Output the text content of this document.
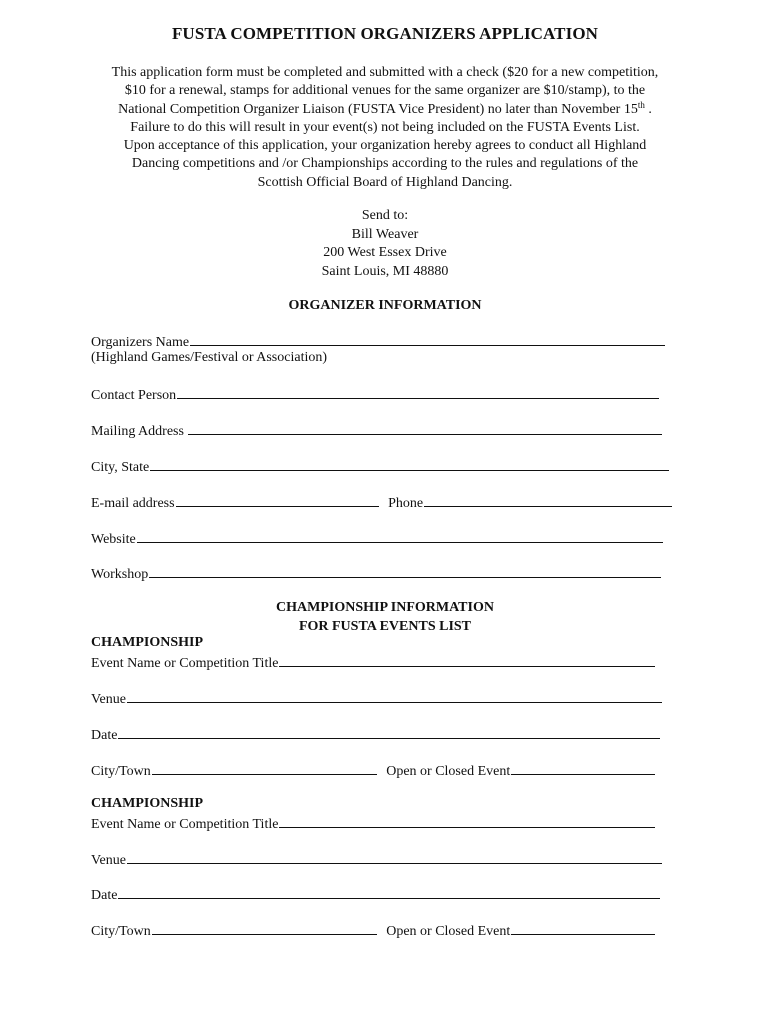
FUSTA COMPETITION ORGANIZERS APPLICATION
This application form must be completed and submitted with a check ($20 for a new competition,
$10 for a renewal, stamps for additional venues for the same organizer are $10/stamp), to the
National Competition Organizer Liaison (FUSTA Vice President) no later than November 15th .
Failure to do this will result in your event(s) not being included on the FUSTA Events List.
Upon acceptance of this application, your organization hereby agrees to conduct all Highland
Dancing competitions and /or Championships according to the rules and regulations of the
Scottish Official Board of Highland Dancing.
Send to:
Bill Weaver
200 West Essex Drive
Saint Louis, MI 48880
ORGANIZER INFORMATION
Organizers Name
(Highland Games/Festival or Association)
Contact Person
Mailing Address
City, State
E-mail address	Phone
Website
Workshop
CHAMPIONSHIP INFORMATION
FOR FUSTA EVENTS LIST
CHAMPIONSHIP
Event Name or Competition Title
Venue
Date
City/Town	Open or Closed Event
CHAMPIONSHIP
Event Name or Competition Title
Venue
Date
City/Town	Open or Closed Event
